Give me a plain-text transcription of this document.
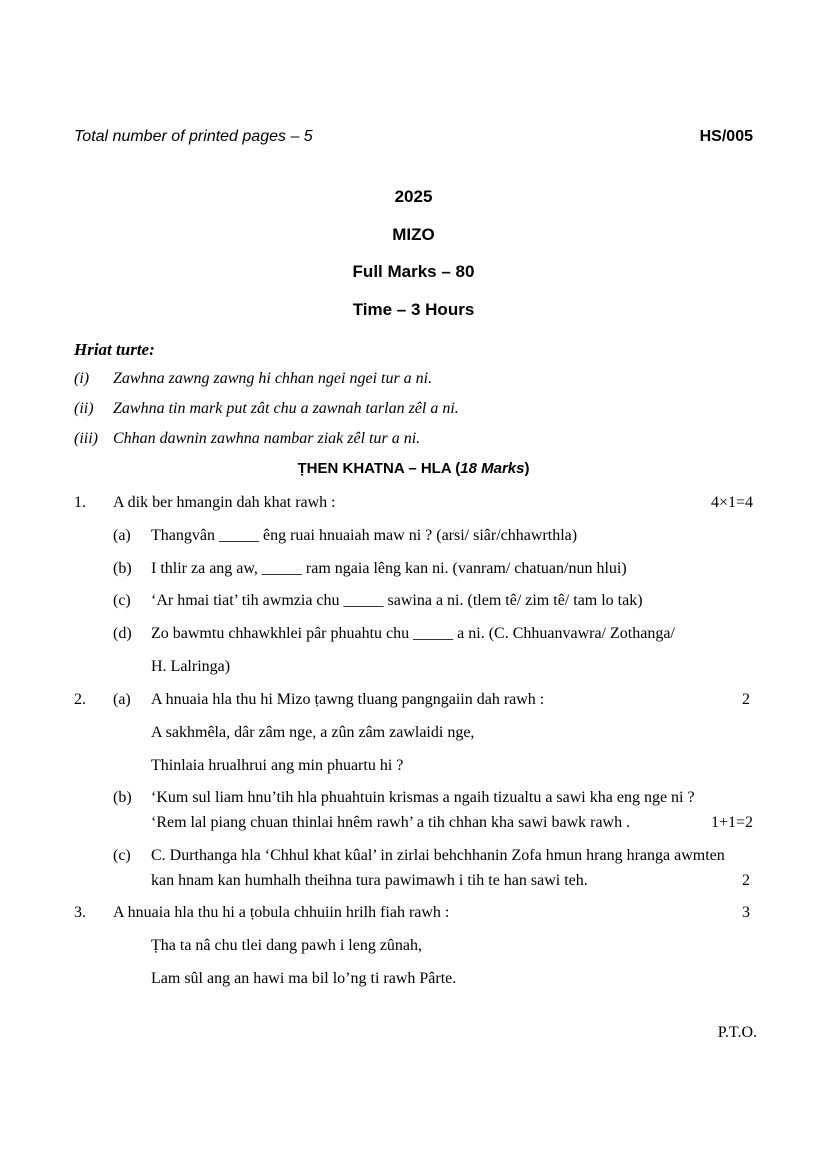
Total number of printed pages – 5	HS/005
2025
MIZO
Full Marks – 80
Time – 3 Hours
Hriat turte:
(i) Zawhna zawng zawng hi chhan ngei ngei tur a ni.
(ii) Zawhna tin mark put zât chu a zawnah tarlan zêl a ni.
(iii) Chhan dawnin zawhna nambar ziak zêl tur a ni.
ṬHEN KHATNA – HLA (18 Marks)
1. A dik ber hmangin dah khat rawh :	4×1=4
(a) Thangvân _____ êng ruai hnuaiah maw ni ? (arsi/ siâr/chhawrthla)
(b) I thlir za ang aw, _____ ram ngaia lêng kan ni. (vanram/ chatuan/nun hlui)
(c) ‘Ar hmai tiat’ tih awmzia chu _____ sawina a ni. (tlem tê/ zim tê/ tam lo tak)
(d) Zo bawmtu chhawkhlei pâr phuahtu chu _____ a ni. (C. Chhuanvawra/ Zothanga/
H. Lalringa)
2. (a) A hnuaia hla thu hi Mizo ṭawng tluang pangngaiin dah rawh :	2
A sakhmêla, dâr zâm nge, a zûn zâm zawlaidi nge,
Thinlaia hrualhrui ang min phuartu hi ?
(b) ‘Kum sul liam hnu’tih hla phuahtuin krismas a ngaih tizualtu a sawi kha eng nge ni ?
‘Rem lal piang chuan thinlai hnêm rawh’ a tih chhan kha sawi bawk rawh .	1+1=2
(c) C. Durthanga hla ‘Chhul khat kûal’ in zirlai behchhanin Zofa hmun hrang hranga awmten
kan hnam kan humhalh theihna tura pawimawh i tih te han sawi teh.	2
3. A hnuaia hla thu hi a ṭobula chhuiin hrilh fiah rawh :	3
Ṭha ta nâ chu tlei dang pawh i leng zûnah,
Lam sûl ang an hawi ma bil lo’ng ti rawh Pârte.
P.T.O.
